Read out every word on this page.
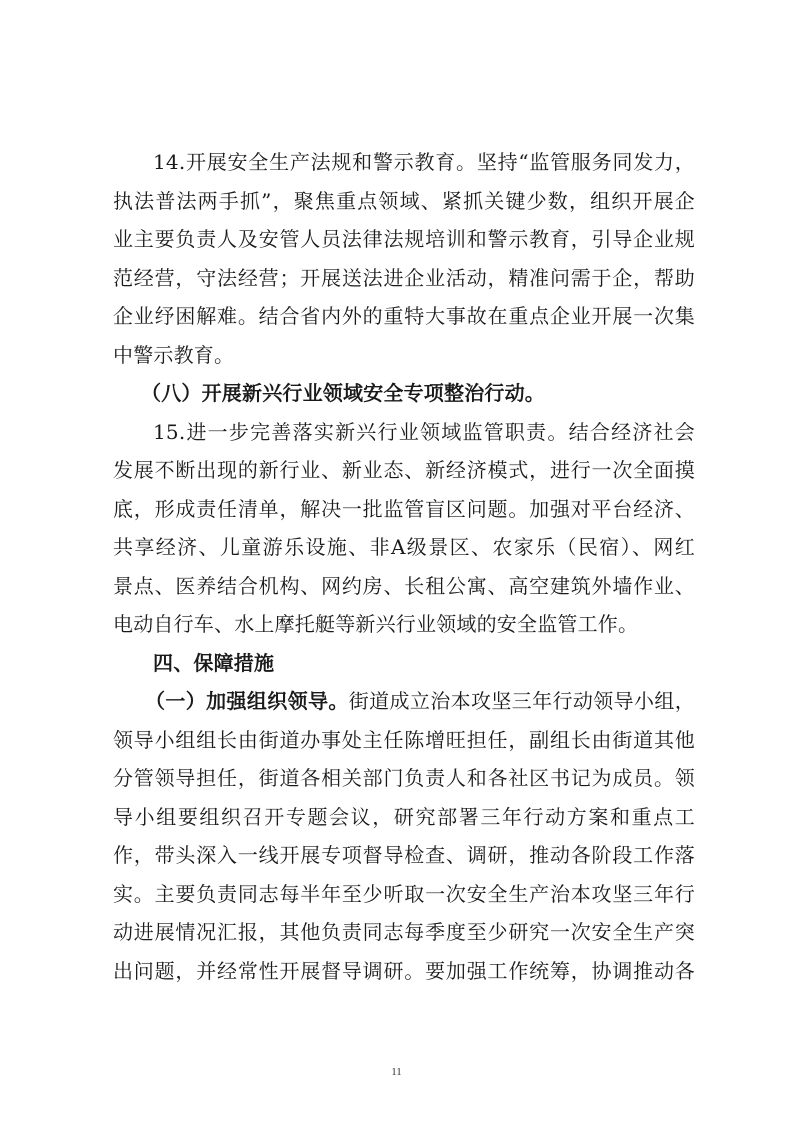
14.开展安全生产法规和警示教育。坚持“监管服务同发力，
执法普法两手抓”，聚焦重点领域、紧抓关键少数，组织开展企
业主要负责人及安管人员法律法规培训和警示教育，引导企业规
范经营，守法经营；开展送法进企业活动，精准问需于企，帮助
企业纾困解难。结合省内外的重特大事故在重点企业开展一次集
中警示教育。
（八）开展新兴行业领域安全专项整治行动。
15.进一步完善落实新兴行业领域监管职责。结合经济社会
发展不断出现的新行业、新业态、新经济模式，进行一次全面摸
底，形成责任清单，解决一批监管盲区问题。加强对平台经济、
共享经济、儿童游乐设施、非A级景区、农家乐（民宿）、网红
景点、医养结合机构、网约房、长租公寓、高空建筑外墙作业、
电动自行车、水上摩托艇等新兴行业领域的安全监管工作。
四、保障措施
（一）加强组织领导。街道成立治本攻坚三年行动领导小组，
领导小组组长由街道办事处主任陈增旺担任，副组长由街道其他
分管领导担任，街道各相关部门负责人和各社区书记为成员。领
导小组要组织召开专题会议，研究部署三年行动方案和重点工
作，带头深入一线开展专项督导检查、调研，推动各阶段工作落
实。主要负责同志每半年至少听取一次安全生产治本攻坚三年行
动进展情况汇报，其他负责同志每季度至少研究一次安全生产突
出问题，并经常性开展督导调研。要加强工作统筹，协调推动各
11
